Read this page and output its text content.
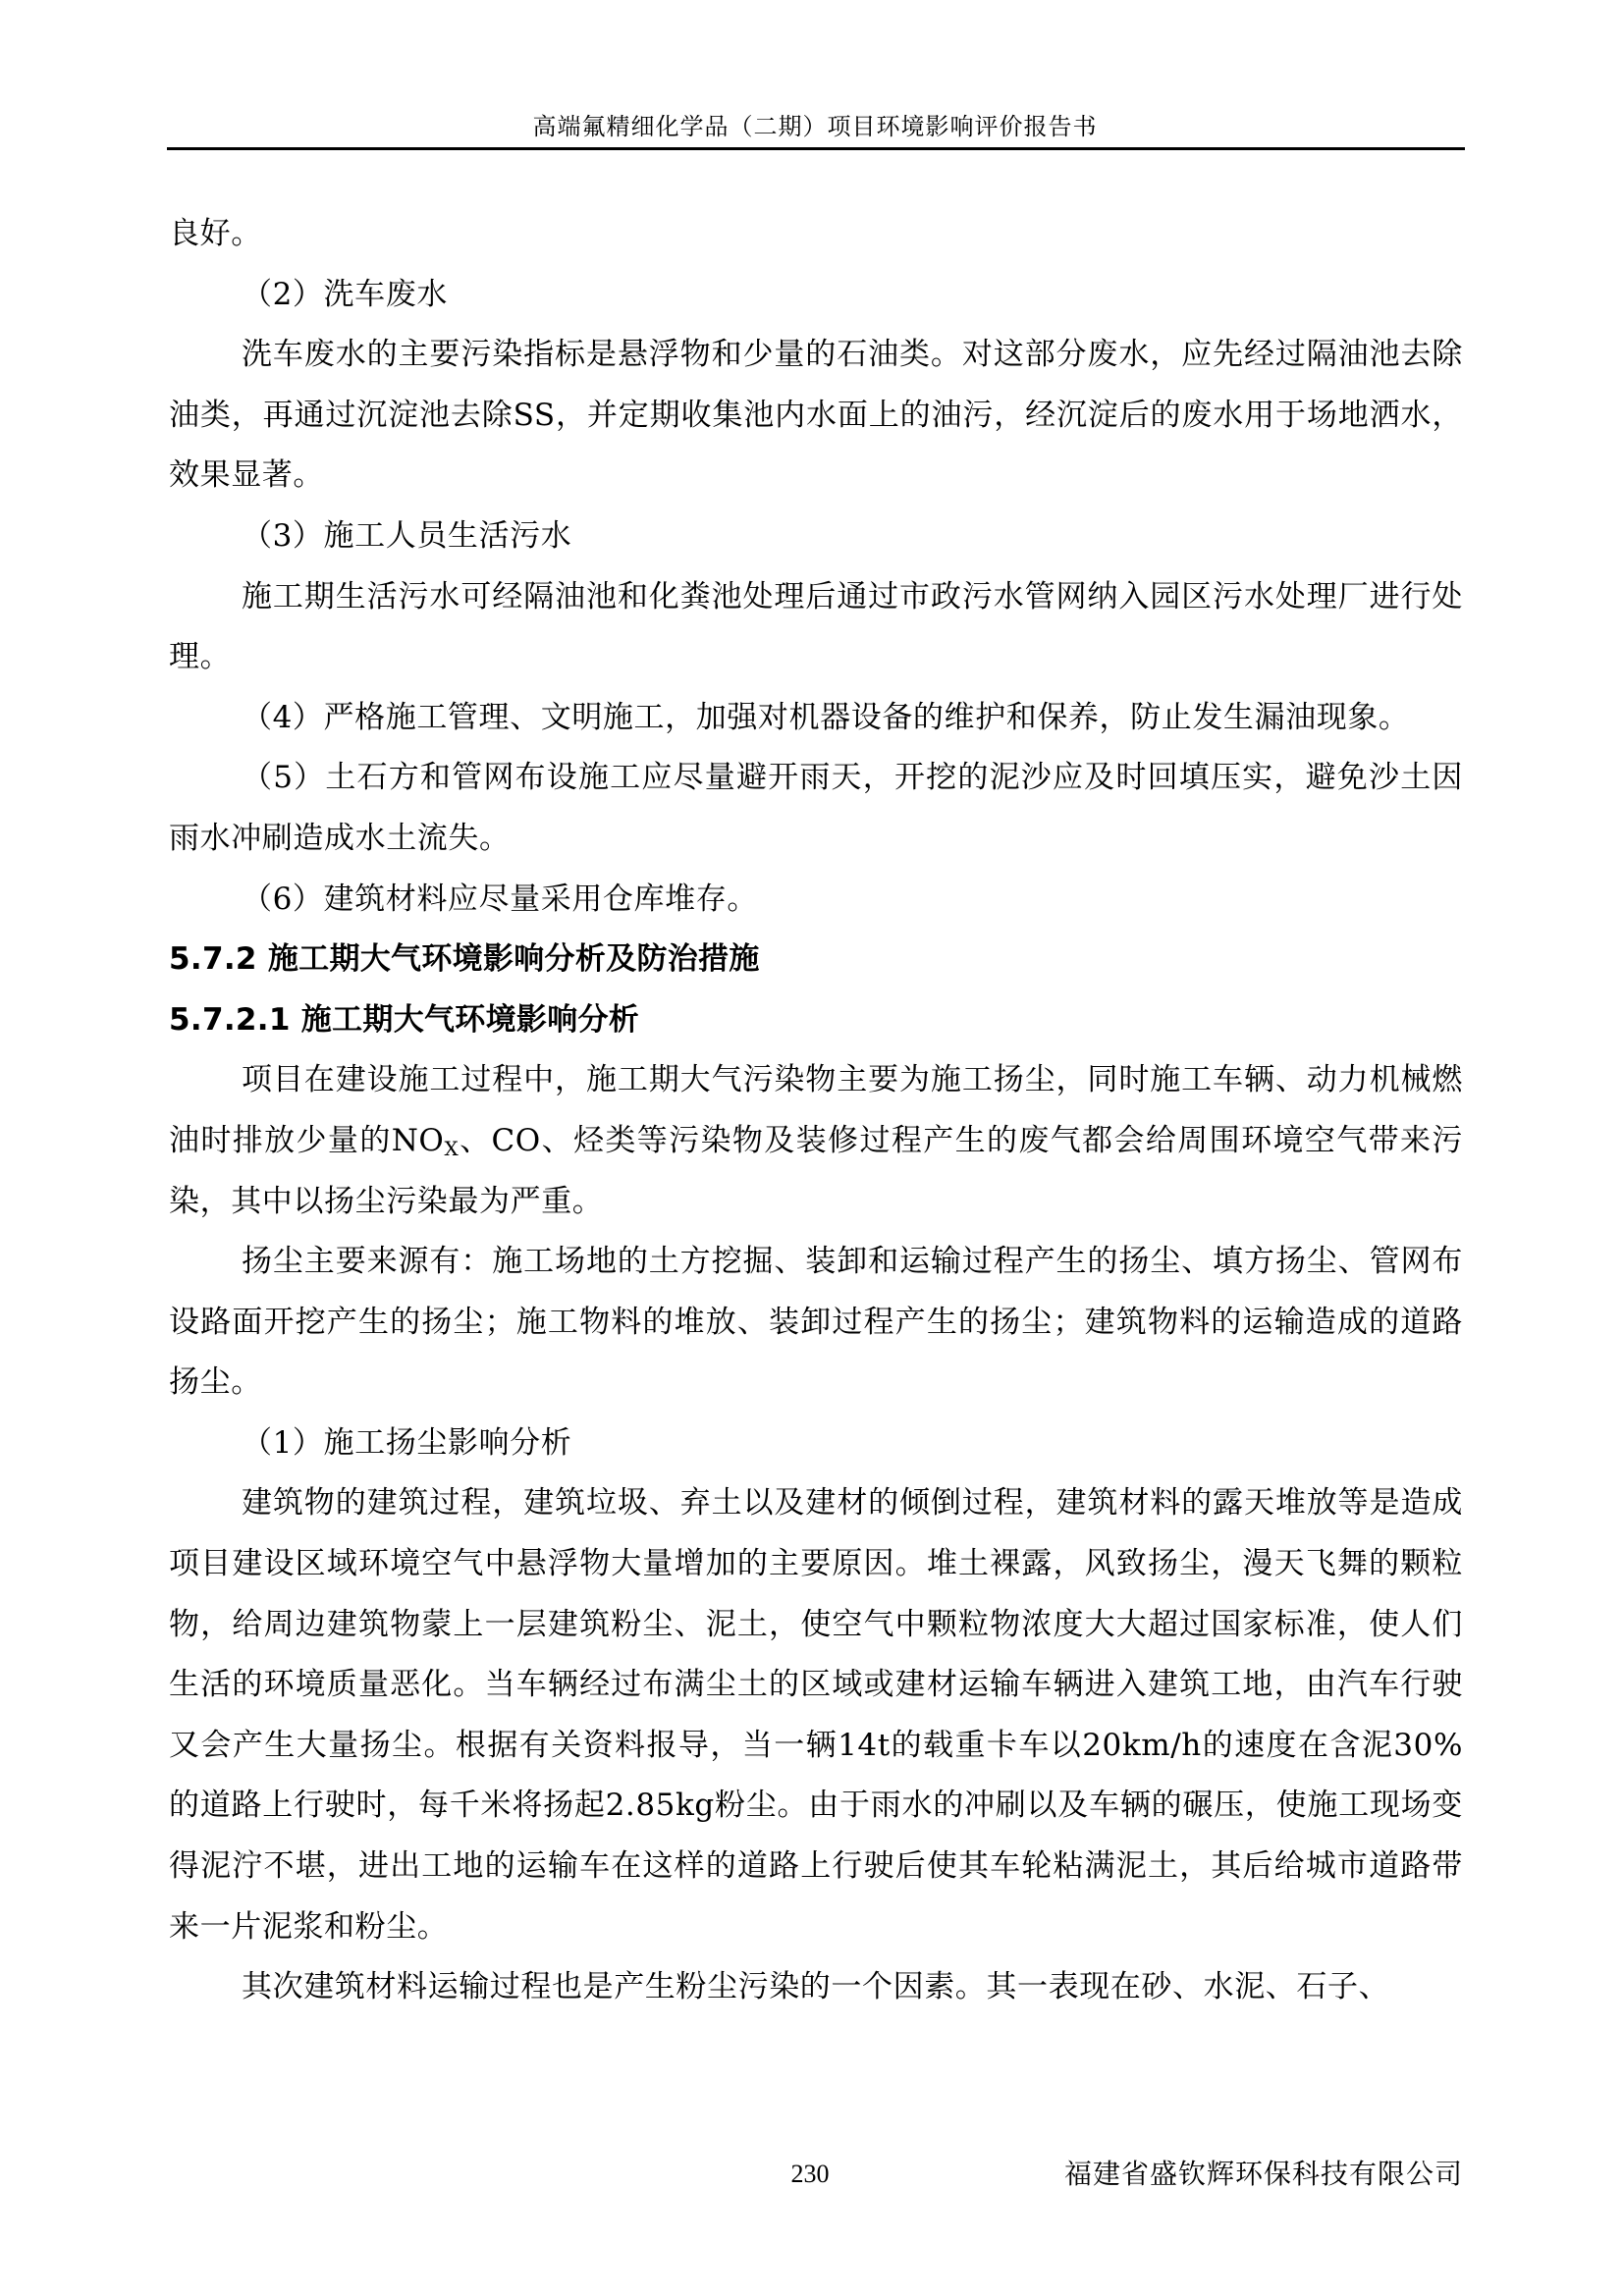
高端氟精细化学品（二期）项目环境影响评价报告书

良好。

（2）洗车废水

洗车废水的主要污染指标是悬浮物和少量的石油类。对这部分废水，应先经过隔油池去除油类，再通过沉淀池去除SS，并定期收集池内水面上的油污，经沉淀后的废水用于场地洒水，效果显著。

（3）施工人员生活污水

施工期生活污水可经隔油池和化粪池处理后通过市政污水管网纳入园区污水处理厂进行处理。

（4）严格施工管理、文明施工，加强对机器设备的维护和保养，防止发生漏油现象。

（5）土石方和管网布设施工应尽量避开雨天，开挖的泥沙应及时回填压实，避免沙土因雨水冲刷造成水土流失。

（6）建筑材料应尽量采用仓库堆存。

5.7.2 施工期大气环境影响分析及防治措施

5.7.2.1 施工期大气环境影响分析

项目在建设施工过程中，施工期大气污染物主要为施工扬尘，同时施工车辆、动力机械燃油时排放少量的$NO_X$、CO、烃类等污染物及装修过程产生的废气都会给周围环境空气带来污染，其中以扬尘污染最为严重。

扬尘主要来源有：施工场地的土方挖掘、装卸和运输过程产生的扬尘、填方扬尘、管网布设路面开挖产生的扬尘；施工物料的堆放、装卸过程产生的扬尘；建筑物料的运输造成的道路扬尘。

（1）施工扬尘影响分析

建筑物的建筑过程，建筑垃圾、弃土以及建材的倾倒过程，建筑材料的露天堆放等是造成项目建设区域环境空气中悬浮物大量增加的主要原因。堆土裸露，风致扬尘，漫天飞舞的颗粒物，给周边建筑物蒙上一层建筑粉尘、泥土，使空气中颗粒物浓度大大超过国家标准，使人们生活的环境质量恶化。当车辆经过布满尘土的区域或建材运输车辆进入建筑工地，由汽车行驶又会产生大量扬尘。根据有关资料报导，当一辆14t的载重卡车以20km/h的速度在含泥30%的道路上行驶时，每千米将扬起2.85kg粉尘。由于雨水的冲刷以及车辆的碾压，使施工现场变得泥泞不堪，进出工地的运输车在这样的道路上行驶后使其车轮粘满泥土，其后给城市道路带来一片泥浆和粉尘。

其次建筑材料运输过程也是产生粉尘污染的一个因素。其一表现在砂、水泥、石子、

230	福建省盛钦辉环保科技有限公司
